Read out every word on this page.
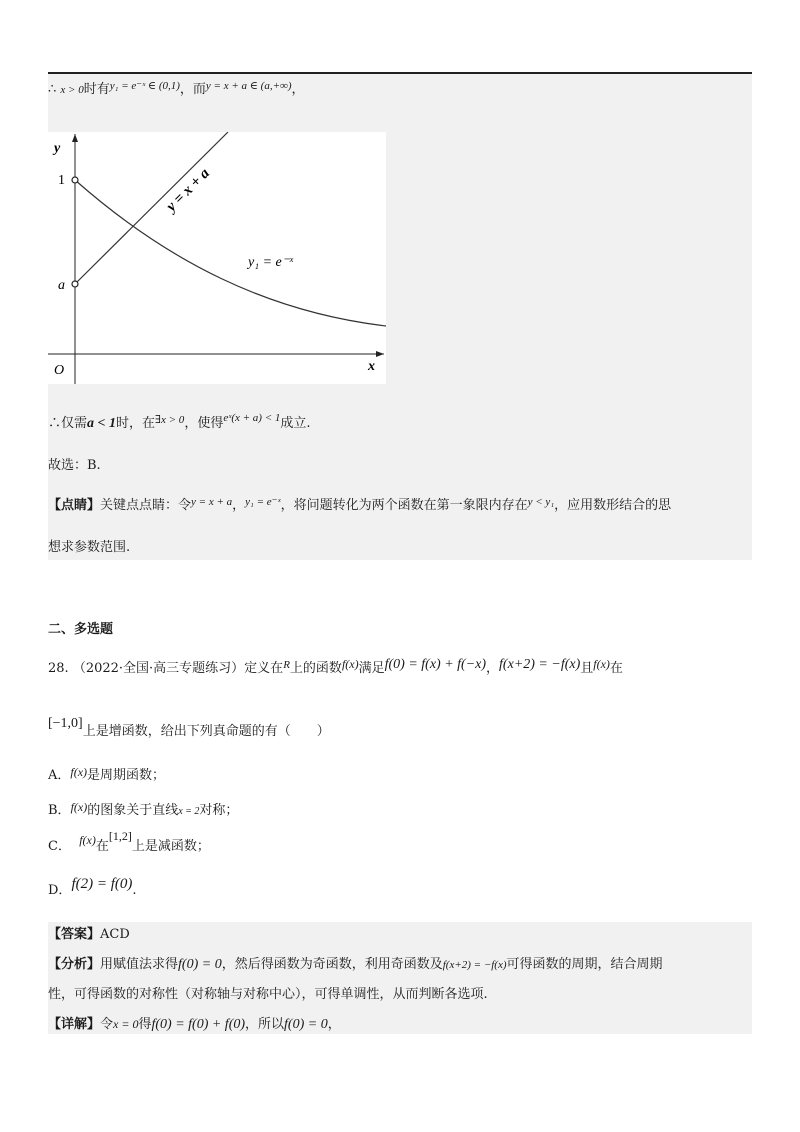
∴ x > 0时有$^{y_1 = e^-ˣ \in (0,1)}$，而$^{y = x + a \in (a,+\infty)}$，
y
x
O
1
a
y = x + a
y₁ = e⁻ˣ
∴仅需a < 1时，在$^{\exists x > 0}$，使得$^{eˣ(x + a) < 1}$成立.
故选：B.
【点睛】关键点点睛：令$^{y = x + a}$，$^{y_1 = e^-ˣ}$，将问题转化为两个函数在第一象限内存在$^{y < y_1}$，应用数形结合的思
想求参数范围.
二、多选题
28. （2022·全国·高三专题练习）定义在$^R$上的函数f(x)满足f(0) = f(x) + f(−x)，f(x+2) = −f(x)且f(x)在
[−1,0]上是增函数，给出下列真命题的有（　　）
A．f(x)是周期函数；
B．f(x)的图象关于直线x = 2对称；
C． f(x)在[1,2]上是减函数；
D．f(2) = f(0).
【答案】ACD
【分析】用赋值法求得f(0) = 0，然后得函数为奇函数，利用奇函数及f(x+2) = −f(x)可得函数的周期，结合周期
性，可得函数的对称性（对称轴与对称中心），可得单调性，从而判断各选项.
【详解】令x = 0得f(0) = f(0) + f(0)，所以f(0) = 0，
